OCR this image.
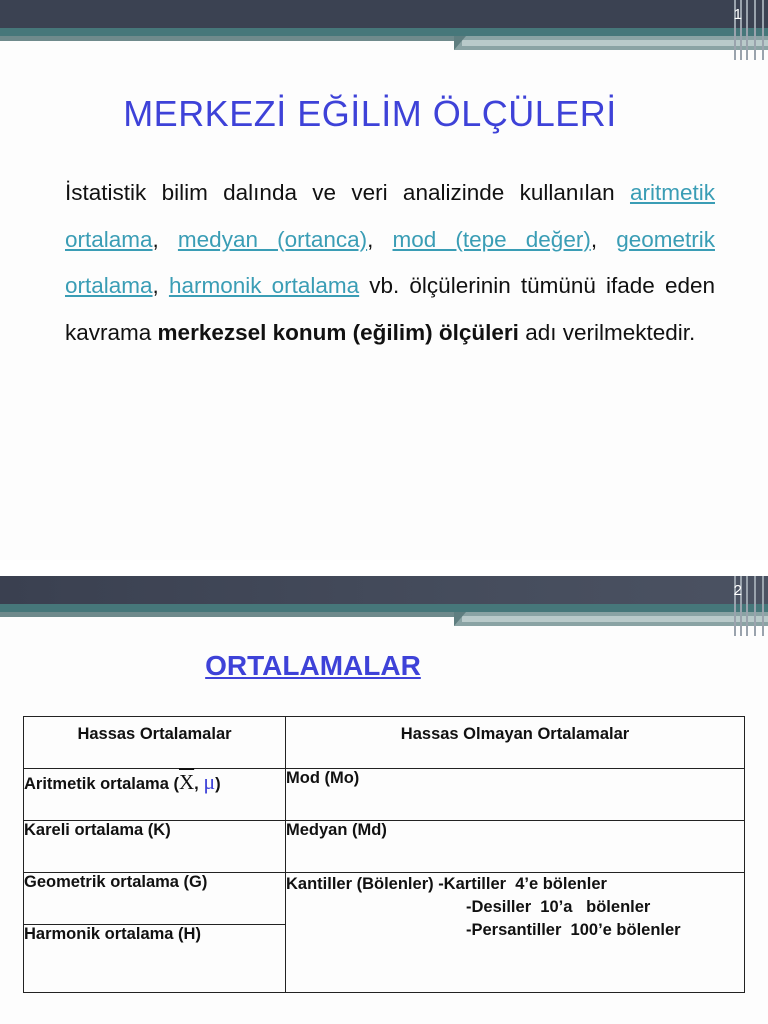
1
MERKEZİ EĞİLİM ÖLÇÜLERİ

İstatistik bilim dalında ve veri analizinde kullanılan aritmetik ortalama, medyan (ortanca), mod (tepe değer), geometrik ortalama, harmonik ortalama vb. ölçülerinin tümünü ifade eden kavrama merkezsel konum (eğilim) ölçüleri adı verilmektedir.

2
ORTALAMALAR
Hassas Ortalamalar	Hassas Olmayan Ortalamalar
Aritmetik ortalama ($\overline{X}$, μ)	Mod (Mo)
Kareli ortalama (K)	Medyan (Md)
Geometrik ortalama (G)	Kantiller (Bölenler) -Kartiller  4’e bölenler
-Desiller  10’a   bölenler
-Persantiller  100’e bölenler

Harmonik ortalama (H)	
